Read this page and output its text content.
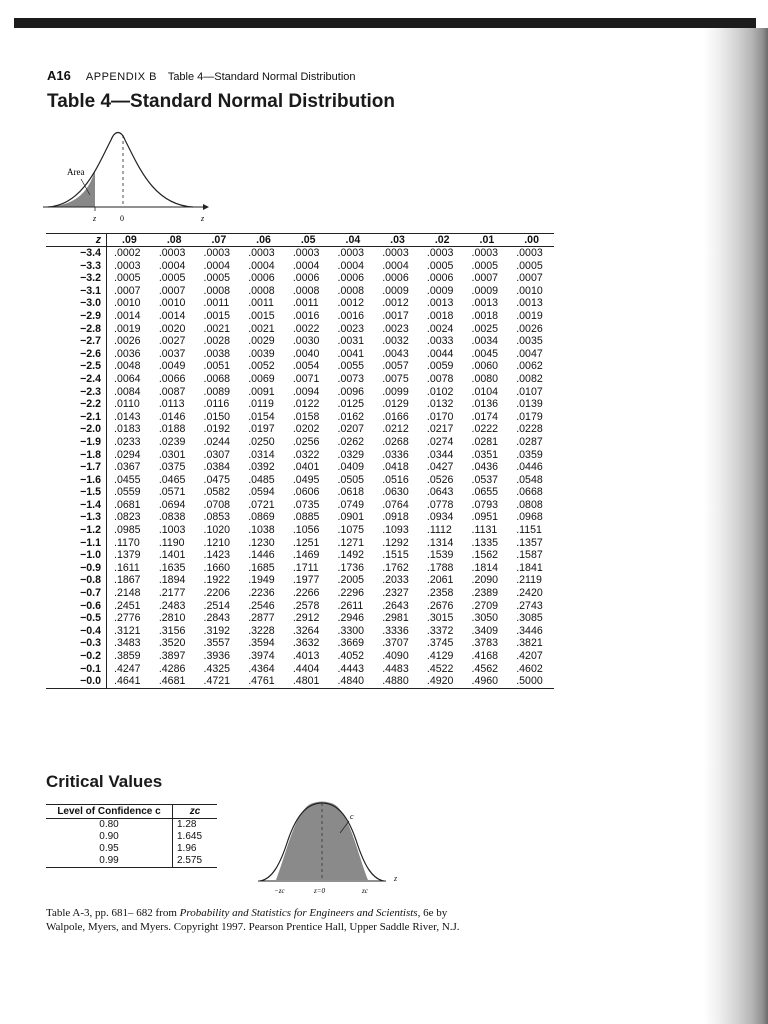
A16 APPENDIX B Table 4—Standard Normal Distribution
Table 4—Standard Normal Distribution
Area
z
z	0
z	.09	.08	.07	.06	.05	.04	.03	.02	.01	.00
−3.4	.0002	.0003	.0003	.0003	.0003	.0003	.0003	.0003	.0003	.0003
−3.3	.0003	.0004	.0004	.0004	.0004	.0004	.0004	.0005	.0005	.0005
−3.2	.0005	.0005	.0005	.0006	.0006	.0006	.0006	.0006	.0007	.0007
−3.1	.0007	.0007	.0008	.0008	.0008	.0008	.0009	.0009	.0009	.0010
−3.0	.0010	.0010	.0011	.0011	.0011	.0012	.0012	.0013	.0013	.0013
−2.9	.0014	.0014	.0015	.0015	.0016	.0016	.0017	.0018	.0018	.0019
−2.8	.0019	.0020	.0021	.0021	.0022	.0023	.0023	.0024	.0025	.0026
−2.7	.0026	.0027	.0028	.0029	.0030	.0031	.0032	.0033	.0034	.0035
−2.6	.0036	.0037	.0038	.0039	.0040	.0041	.0043	.0044	.0045	.0047
−2.5	.0048	.0049	.0051	.0052	.0054	.0055	.0057	.0059	.0060	.0062
−2.4	.0064	.0066	.0068	.0069	.0071	.0073	.0075	.0078	.0080	.0082
−2.3	.0084	.0087	.0089	.0091	.0094	.0096	.0099	.0102	.0104	.0107
−2.2	.0110	.0113	.0116	.0119	.0122	.0125	.0129	.0132	.0136	.0139
−2.1	.0143	.0146	.0150	.0154	.0158	.0162	.0166	.0170	.0174	.0179
−2.0	.0183	.0188	.0192	.0197	.0202	.0207	.0212	.0217	.0222	.0228
−1.9	.0233	.0239	.0244	.0250	.0256	.0262	.0268	.0274	.0281	.0287
−1.8	.0294	.0301	.0307	.0314	.0322	.0329	.0336	.0344	.0351	.0359
−1.7	.0367	.0375	.0384	.0392	.0401	.0409	.0418	.0427	.0436	.0446
−1.6	.0455	.0465	.0475	.0485	.0495	.0505	.0516	.0526	.0537	.0548
−1.5	.0559	.0571	.0582	.0594	.0606	.0618	.0630	.0643	.0655	.0668
−1.4	.0681	.0694	.0708	.0721	.0735	.0749	.0764	.0778	.0793	.0808
−1.3	.0823	.0838	.0853	.0869	.0885	.0901	.0918	.0934	.0951	.0968
−1.2	.0985	.1003	.1020	.1038	.1056	.1075	.1093	.1112	.1131	.1151
−1.1	.1170	.1190	.1210	.1230	.1251	.1271	.1292	.1314	.1335	.1357
−1.0	.1379	.1401	.1423	.1446	.1469	.1492	.1515	.1539	.1562	.1587
−0.9	.1611	.1635	.1660	.1685	.1711	.1736	.1762	.1788	.1814	.1841
−0.8	.1867	.1894	.1922	.1949	.1977	.2005	.2033	.2061	.2090	.2119
−0.7	.2148	.2177	.2206	.2236	.2266	.2296	.2327	.2358	.2389	.2420
−0.6	.2451	.2483	.2514	.2546	.2578	.2611	.2643	.2676	.2709	.2743
−0.5	.2776	.2810	.2843	.2877	.2912	.2946	.2981	.3015	.3050	.3085
−0.4	.3121	.3156	.3192	.3228	.3264	.3300	.3336	.3372	.3409	.3446
−0.3	.3483	.3520	.3557	.3594	.3632	.3669	.3707	.3745	.3783	.3821
−0.2	.3859	.3897	.3936	.3974	.4013	.4052	.4090	.4129	.4168	.4207
−0.1	.4247	.4286	.4325	.4364	.4404	.4443	.4483	.4522	.4562	.4602
−0.0	.4641	.4681	.4721	.4761	.4801	.4840	.4880	.4920	.4960	.5000
Critical Values
Level of Confidence c	zc
0.80	1.28
0.90	1.645
0.95	1.96
0.99	2.575
c
−zc	z=0	zc
z
Table A-3, pp. 681– 682 from Probability and Statistics for Engineers and Scientists, 6e by Walpole, Myers, and Myers. Copyright 1997. Pearson Prentice Hall, Upper Saddle River, N.J.
